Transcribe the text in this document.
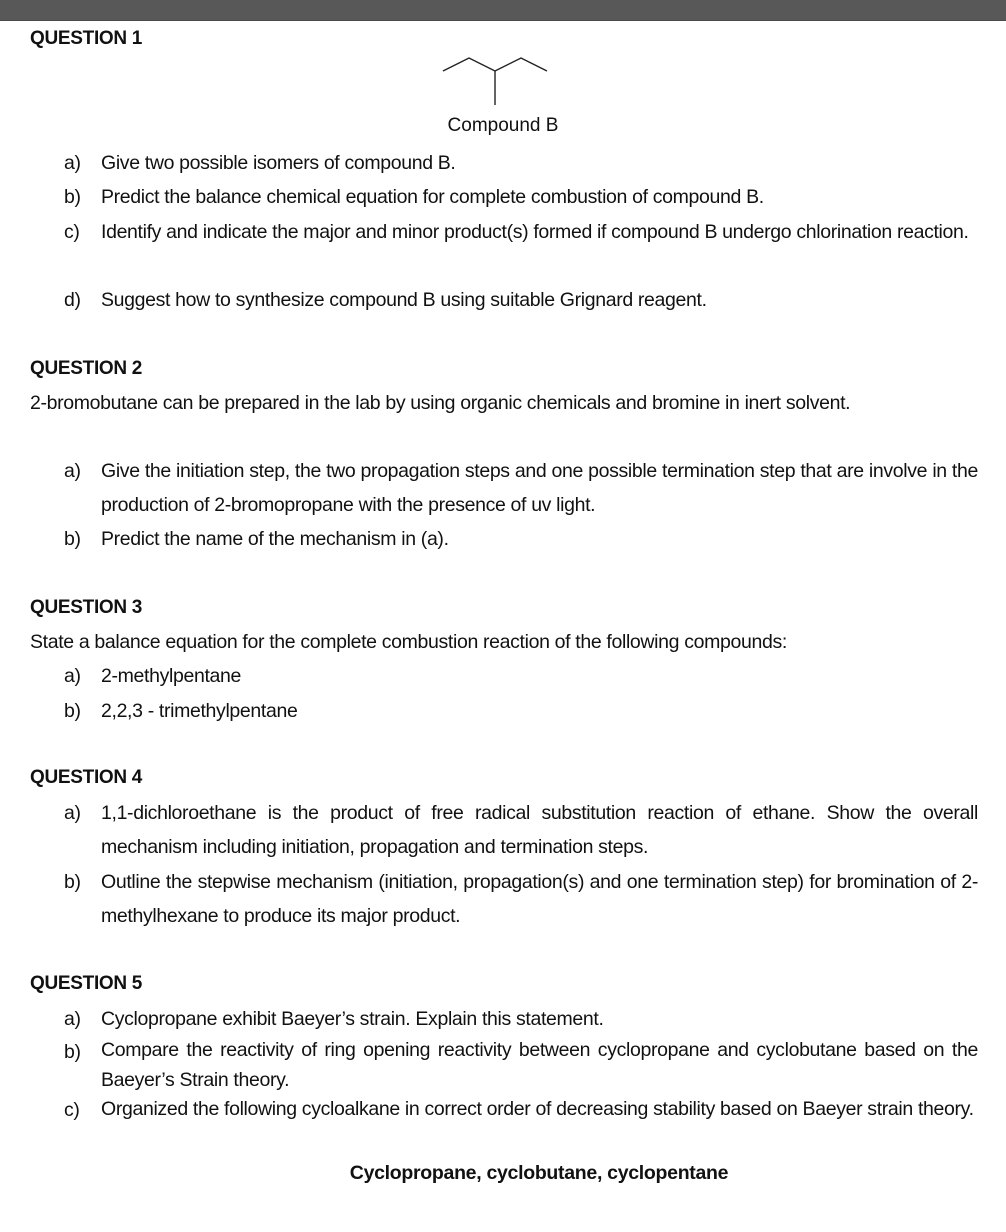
QUESTION 1
Compound B
a)	Give two possible isomers of compound B.
b)	Predict the balance chemical equation for complete combustion of compound B.
c)	Identify and indicate the major and minor product(s) formed if compound B undergo chlorination reaction.
d)	Suggest how to synthesize compound B using suitable Grignard reagent.
QUESTION 2
2-bromobutane can be prepared in the lab by using organic chemicals and bromine in inert solvent.
a)	Give the initiation step, the two propagation steps and one possible termination step that are involve in the production of 2-bromopropane with the presence of uv light.
b)	Predict the name of the mechanism in (a).
QUESTION 3
State a balance equation for the complete combustion reaction of the following compounds:
a)	2-methylpentane
b)	2,2,3 - trimethylpentane
QUESTION 4
a)	1,1-dichloroethane is the product of free radical substitution reaction of ethane. Show the overall mechanism including initiation, propagation and termination steps.
b)	Outline the stepwise mechanism (initiation, propagation(s) and one termination step) for bromination of 2-methylhexane to produce its major product.
QUESTION 5
a)	Cyclopropane exhibit Baeyer’s strain. Explain this statement.
b)	Compare the reactivity of ring opening reactivity between cyclopropane and cyclobutane based on the Baeyer’s Strain theory.
c)	Organized the following cycloalkane in correct order of decreasing stability based on Baeyer strain theory.
Cyclopropane, cyclobutane, cyclopentane
